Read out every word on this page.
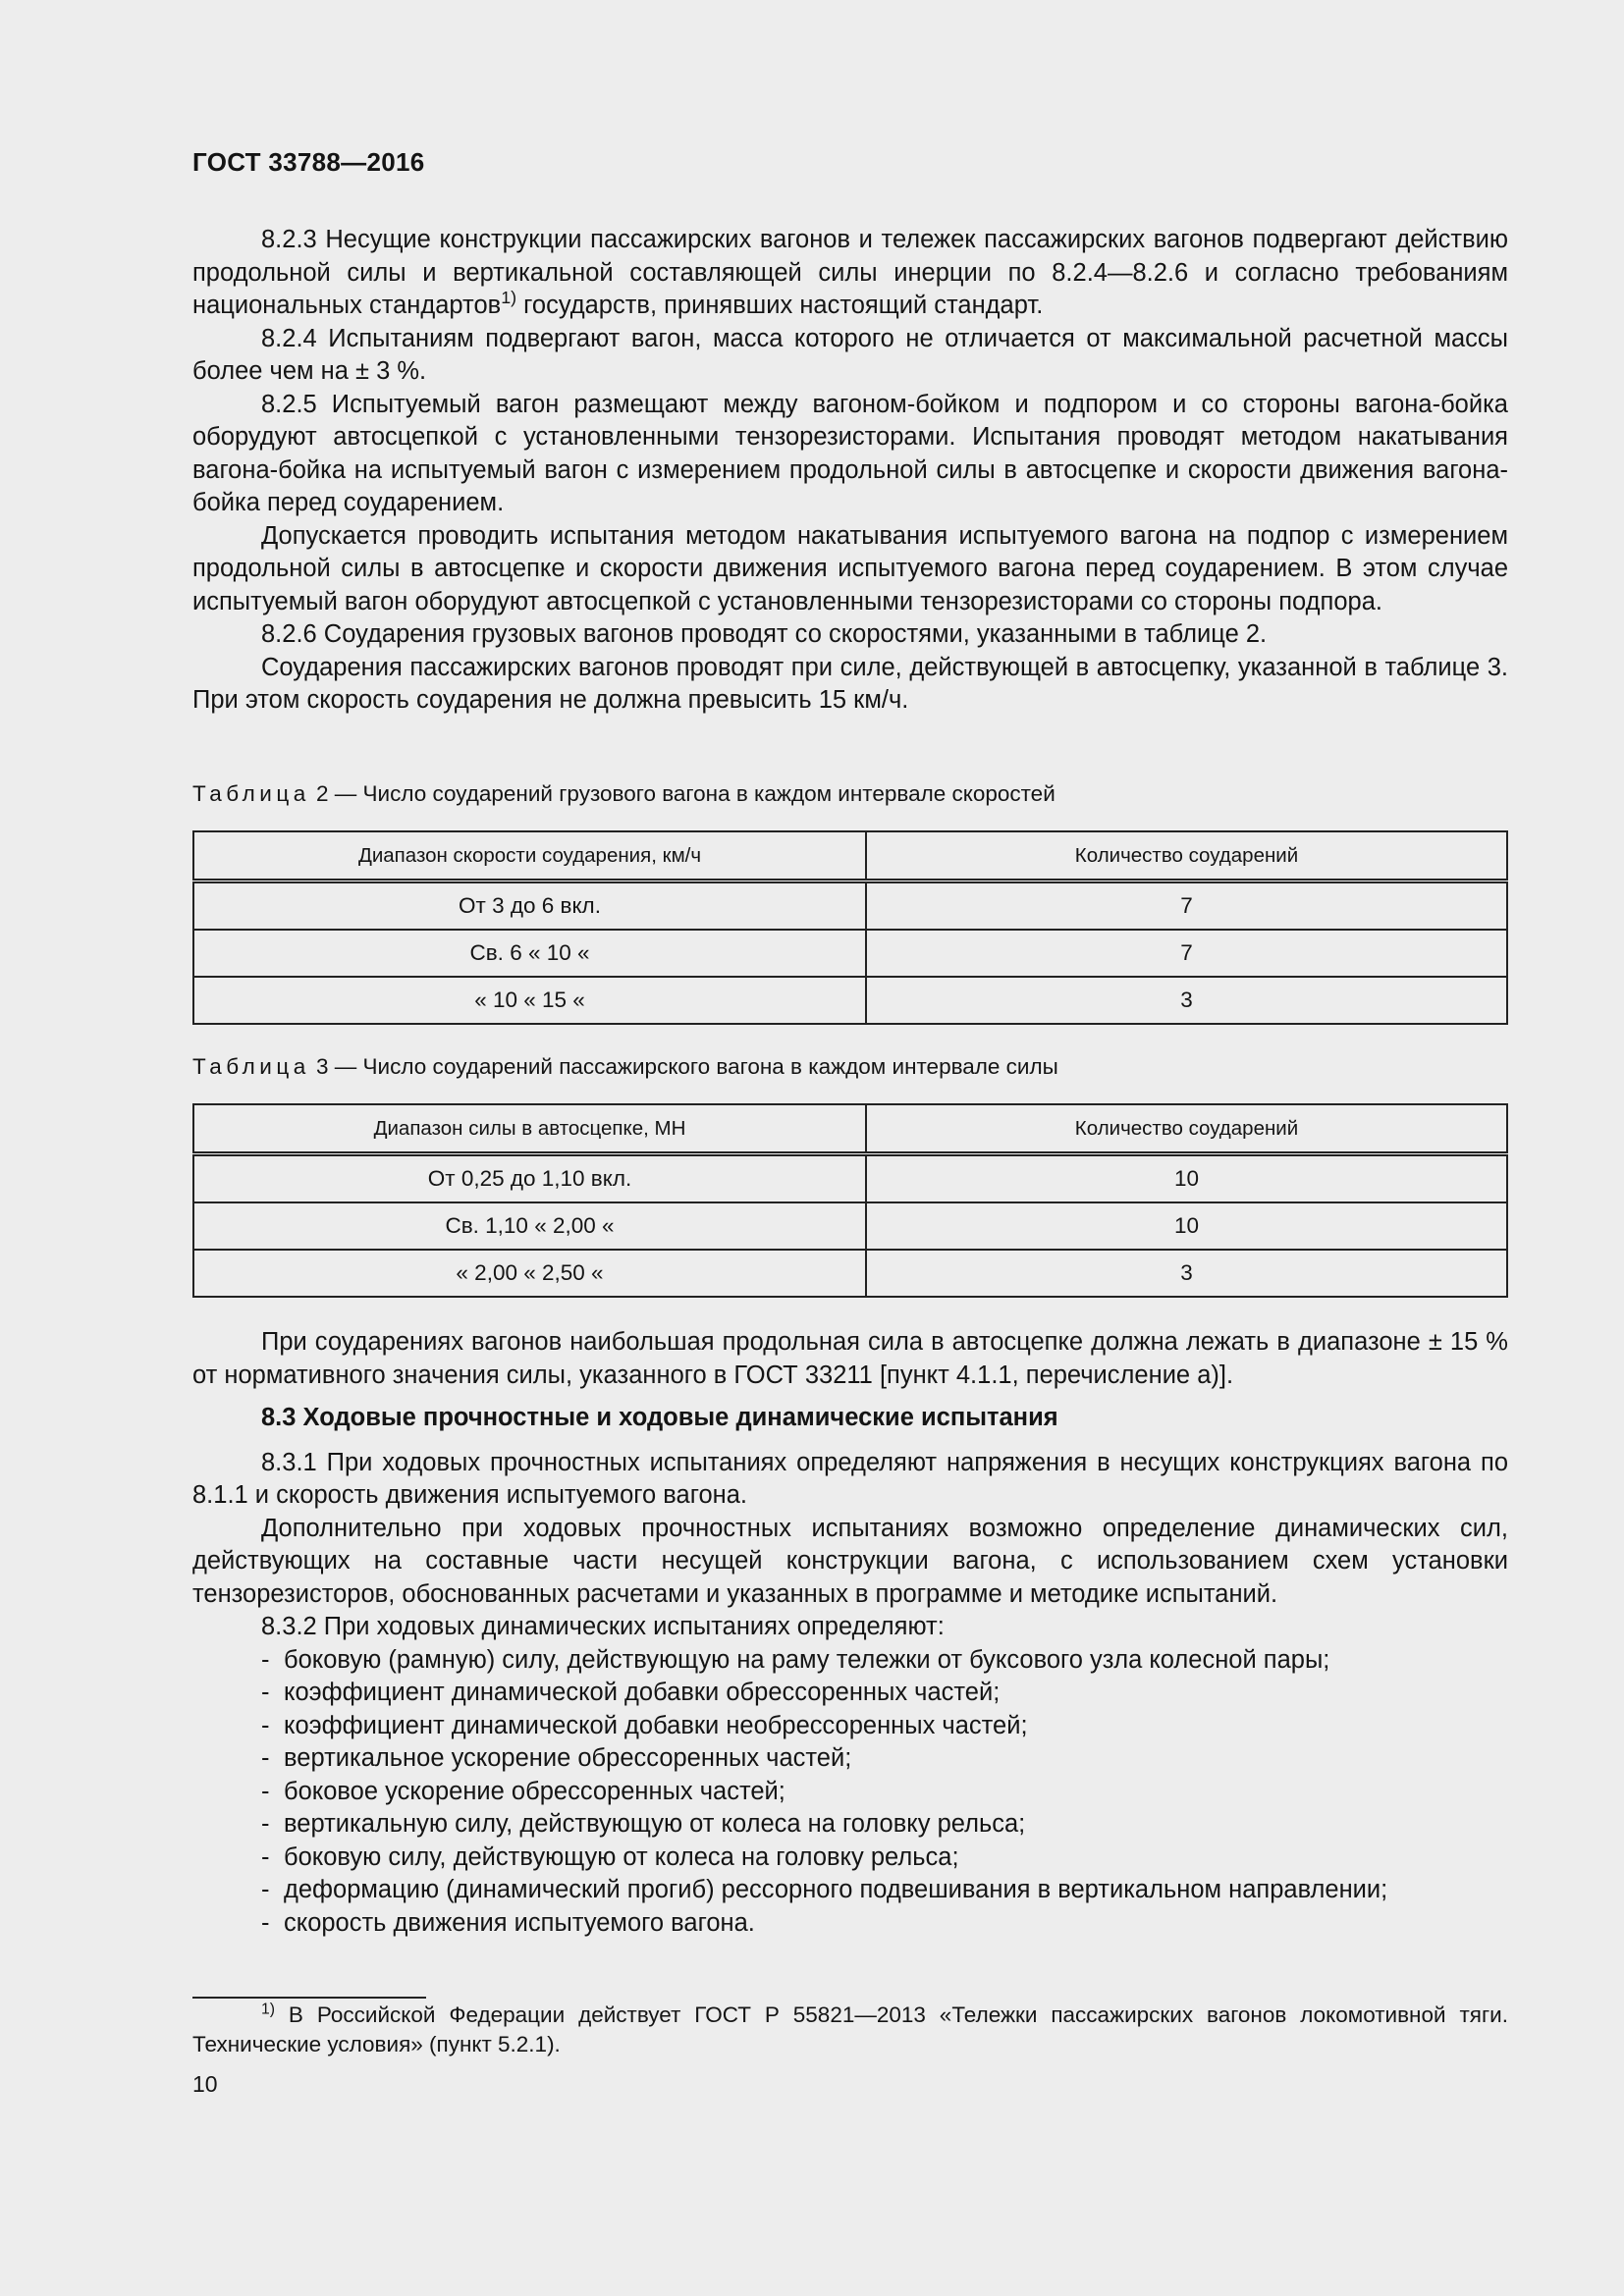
ГОСТ 33788—2016

8.2.3 Несущие конструкции пассажирских вагонов и тележек пассажирских вагонов подвергают действию продольной силы и вертикальной составляющей силы инерции по 8.2.4—8.2.6 и согласно требованиям национальных стандартов$^{1)}$ государств, принявших настоящий стандарт.

8.2.4 Испытаниям подвергают вагон, масса которого не отличается от максимальной расчетной массы более чем на ± 3 %.

8.2.5 Испытуемый вагон размещают между вагоном-бойком и подпором и со стороны вагона-бойка оборудуют автосцепкой с установленными тензорезисторами. Испытания проводят методом накатывания вагона-бойка на испытуемый вагон с измерением продольной силы в автосцепке и скорости движения вагона-бойка перед соударением.

Допускается проводить испытания методом накатывания испытуемого вагона на подпор с измерением продольной силы в автосцепке и скорости движения испытуемого вагона перед соударением. В этом случае испытуемый вагон оборудуют автосцепкой с установленными тензорезисторами со стороны подпора.

8.2.6 Соударения грузовых вагонов проводят со скоростями, указанными в таблице 2.

Соударения пассажирских вагонов проводят при силе, действующей в автосцепку, указанной в таблице 3. При этом скорость соударения не должна превысить 15 км/ч.

Таблица 2 — Число соударений грузового вагона в каждом интервале скоростей
Диапазон скорости соударения, км/ч	Количество соударений
От 3 до 6 вкл.	7
Св. 6 « 10 «	7
« 10 « 15 «	3
Таблица 3 — Число соударений пассажирского вагона в каждом интервале силы
Диапазон силы в автосцепке, МН	Количество соударений
От 0,25 до 1,10 вкл.	10
Св. 1,10 « 2,00 «	10
« 2,00 « 2,50 «	3

При соударениях вагонов наибольшая продольная сила в автосцепке должна лежать в диапазоне ± 15 % от нормативного значения силы, указанного в ГОСТ 33211 [пункт 4.1.1, перечисление а)].

8.3 Ходовые прочностные и ходовые динамические испытания

8.3.1 При ходовых прочностных испытаниях определяют напряжения в несущих конструкциях вагона по 8.1.1 и скорость движения испытуемого вагона.

Дополнительно при ходовых прочностных испытаниях возможно определение динамических сил, действующих на составные части несущей конструкции вагона, с использованием схем установки тензорезисторов, обоснованных расчетами и указанных в программе и методике испытаний.

8.3.2 При ходовых динамических испытаниях определяют:

- боковую (рамную) силу, действующую на раму тележки от буксового узла колесной пары;
- коэффициент динамической добавки обрессоренных частей;
- коэффициент динамической добавки необрессоренных частей;
- вертикальное ускорение обрессоренных частей;
- боковое ускорение обрессоренных частей;
- вертикальную силу, действующую от колеса на головку рельса;
- боковую силу, действующую от колеса на головку рельса;
- деформацию (динамический прогиб) рессорного подвешивания в вертикальном направлении;
- скорость движения испытуемого вагона.

$^{1)}$ В Российской Федерации действует ГОСТ Р 55821—2013 «Тележки пассажирских вагонов локомотивной тяги. Технические условия» (пункт 5.2.1).

10
